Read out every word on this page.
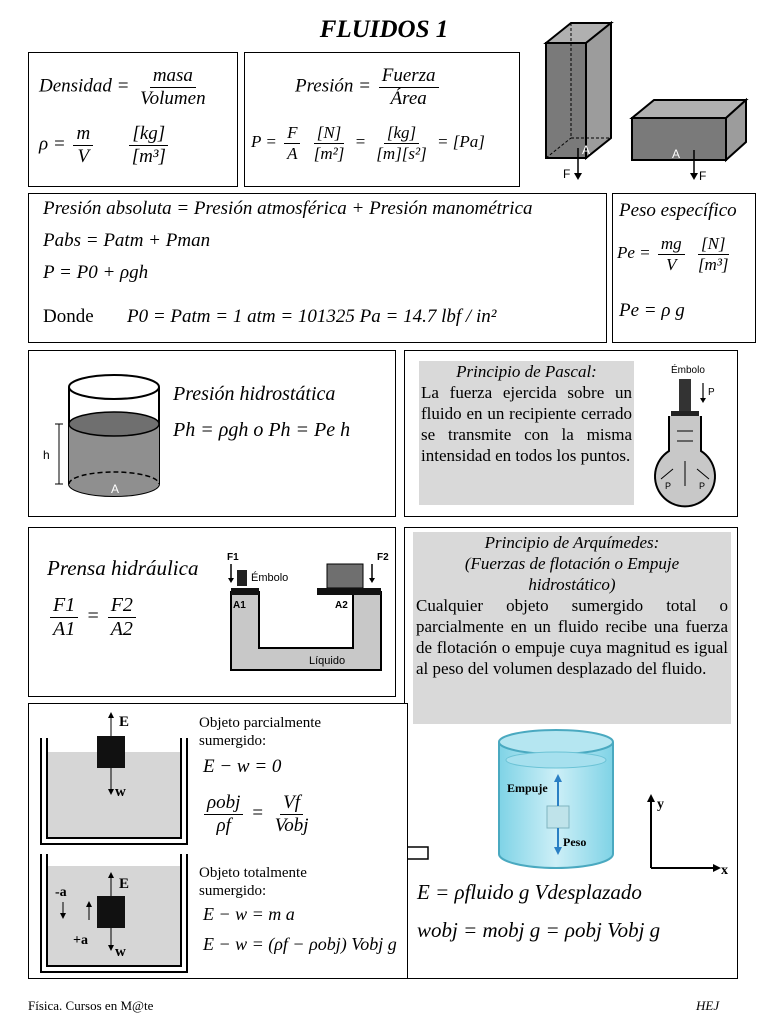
FLUIDOS 1
Densidad = $\frac{\text{masa}}{\text{Volumen}}$
$\rho = \frac{m}{V}$
$\frac{[kg]}{\text{[m³]}}$
Presión = $\frac{\text{Fuerza}}{\text{Área}}$
$P = \frac{F}{A}$
$\frac{[N]}{\text{[m²]}} = \frac{[kg]}{\text{[m][s²]}} = [Pa]$	A
F
A
F
Presión absoluta = Presión atmosférica + Presión manométrica
Pabs = Patm + Pman
P = P0 + ρgh
Donde P0 = Patm = 1 atm = 101325 Pa = 14.7 lbf / in²
Peso específico
$Pe = \frac{mg}{V}$
$\frac{[N]}{\text{[m³]}}$
Pe = ρ g
A
h
Presión hidrostática
Ph = ρgh o Ph = Pe h
Principio de Pascal:
La fuerza ejercida sobre un fluido en un recipiente cerrado se transmite con la misma intensidad en todos los puntos.
Émbolo
P
P	P
Prensa hidráulica
$\frac{F1}{A1} = \frac{F2}{A2}$
F1
Émbolo
F2
A1	A2
Líquido
Principio de Arquímedes:
(Fuerzas de flotación o Empuje hidrostático)
Cualquier objeto sumergido total o parcialmente en un fluido recibe una fuerza de flotación o empuje cuya magnitud es igual al peso del volumen desplazado del fluido.
Empuje
Peso
y
x
E = ρfluido g Vdesplazado
wobj = mobj g = ρobj Vobj g
E
w
E
w
-a
+a
Objeto parcialmente sumergido:
E − w = 0
$\frac{\text{ρobj}}{\rho f} = \frac{Vf}{\text{Vobj}}$
Objeto totalmente sumergido:
E − w = m a
E − w = (ρf − ρobj) Vobj g
Física. Cursos en M@te	HEJ
